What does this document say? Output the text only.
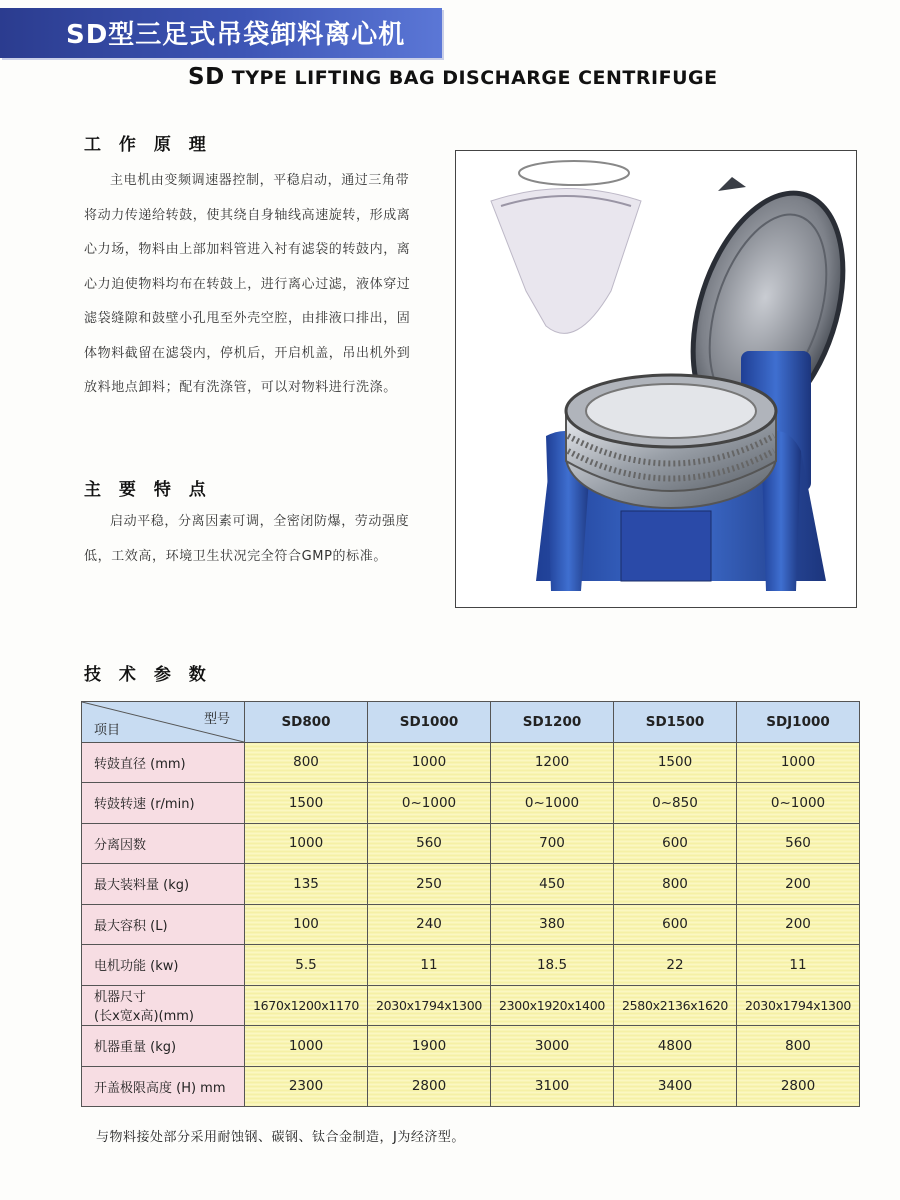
SD型三足式吊袋卸料离心机
SD TYPE LIFTING BAG DISCHARGE CENTRIFUGE
工 作 原 理
主电机由变频调速器控制，平稳启动，通过三角带
将动力传递给转鼓，使其绕自身轴线高速旋转，形成离
心力场，物料由上部加料管进入衬有滤袋的转鼓内，离
心力迫使物料均布在转鼓上，进行离心过滤，液体穿过
滤袋缝隙和鼓壁小孔甩至外壳空腔，由排液口排出，固
体物料截留在滤袋内，停机后，开启机盖，吊出机外到
放料地点卸料；配有洗涤管，可以对物料进行洗涤。
主 要 特 点
启动平稳，分离因素可调，全密闭防爆，劳动强度
低，工效高，环境卫生状况完全符合GMP的标准。
技 术 参 数
型号
项目	SD800	SD1000	SD1200	SD1500	SDJ1000

转鼓直径 (mm)	800	1000	1200	1500	1000

转鼓转速 (r/min)	1500	0~1000	0~1000	0~850	0~1000

分离因数	1000	560	700	600	560

最大装料量 (kg)	135	250	450	800	200

最大容积 (L)	100	240	380	600	200

电机功能 (kw)	5.5	11	18.5	22	11

机器尺寸
(长x宽x高)(mm)	1670x1200x1170	2030x1794x1300	2300x1920x1400	2580x2136x1620	2030x1794x1300

机器重量 (kg)	1000	1900	3000	4800	800

开盖极限高度 (H) mm	2300	2800	3100	3400	2800
与物料接处部分采用耐蚀钢、碳钢、钛合金制造，J为经济型。
